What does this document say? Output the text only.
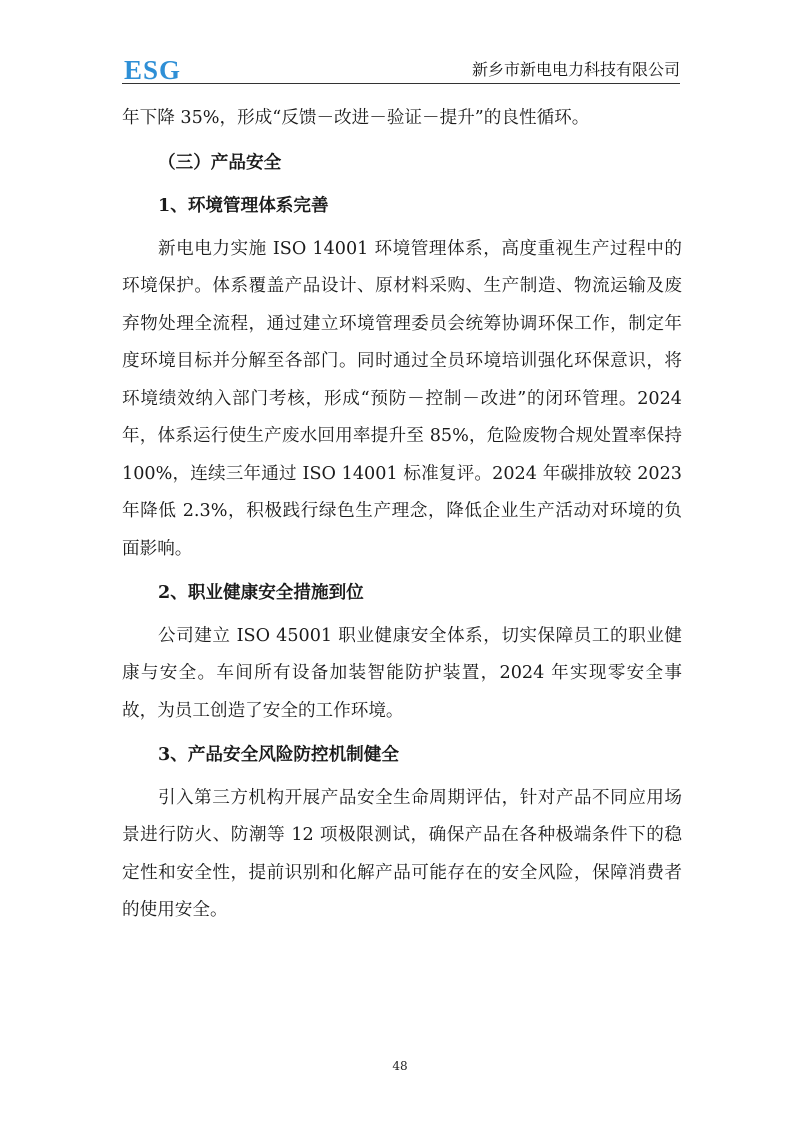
ESG	新乡市新电电力科技有限公司

年下降 35%，形成“反馈－改进－验证－提升”的良性循环。

（三）产品安全

1、环境管理体系完善

新电电力实施 ISO 14001 环境管理体系，高度重视生产过程中的环境保护。体系覆盖产品设计、原材料采购、生产制造、物流运输及废弃物处理全流程，通过建立环境管理委员会统筹协调环保工作，制定年度环境目标并分解至各部门。同时通过全员环境培训强化环保意识，将环境绩效纳入部门考核，形成“预防－控制－改进”的闭环管理。2024 年，体系运行使生产废水回用率提升至 85%，危险废物合规处置率保持 100%，连续三年通过 ISO 14001 标准复评。2024 年碳排放较 2023 年降低 2.3%，积极践行绿色生产理念，降低企业生产活动对环境的负面影响。

2、职业健康安全措施到位

公司建立 ISO 45001 职业健康安全体系，切实保障员工的职业健康与安全。车间所有设备加装智能防护装置，2024 年实现零安全事故，为员工创造了安全的工作环境。

3、产品安全风险防控机制健全

引入第三方机构开展产品安全生命周期评估，针对产品不同应用场景进行防火、防潮等 12 项极限测试，确保产品在各种极端条件下的稳定性和安全性，提前识别和化解产品可能存在的安全风险，保障消费者的使用安全。

48
